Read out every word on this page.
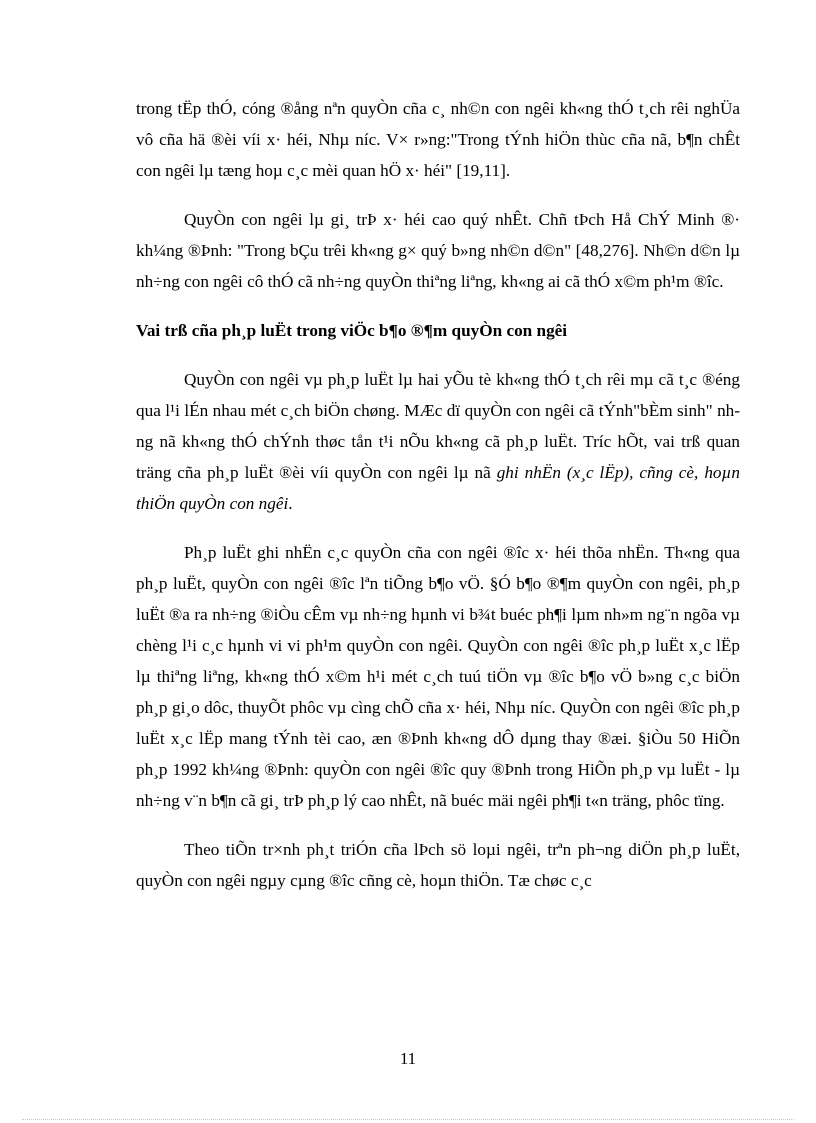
trong tËp thÓ, cóng ®ång nªn quyÒn cña c¸ nh©n con ngêi kh«ng thÓ t¸ch rêi nghÜa vô cña hä ®èi víi x· héi, Nhµ níc. V× r»ng:"Trong tÝnh hiÖn thùc cña nã, b¶n chÊt con ngêi lµ tæng hoµ c¸c mèi quan hÖ x· héi" [19,11].

QuyÒn con ngêi lµ gi¸ trÞ x· héi cao quý nhÊt. Chñ tÞch Hå ChÝ Minh ®· kh¼ng ®Þnh: "Trong bÇu trêi kh«ng g× quý b»ng nh©n d©n" [48,276]. Nh©n d©n lµ nh÷ng con ngêi cô thÓ cã nh÷ng quyÒn thiªng liªng, kh«ng ai cã thÓ x©m ph¹m ®îc.

Vai trß cña ph¸p luËt trong viÖc b¶o ®¶m quyÒn con ngêi

QuyÒn con ngêi vµ ph¸p luËt lµ hai yÕu tè kh«ng thÓ t¸ch rêi mµ cã t¸c ®éng qua l¹i lÉn nhau mét c¸ch biÖn chøng. MÆc dï quyÒn con ngêi cã tÝnh"bÈm sinh" nhng nã kh«ng thÓ chÝnh thøc tån t¹i nÕu kh«ng cã ph¸p luËt. Tríc hÕt, vai trß quan träng cña ph¸p luËt ®èi víi quyÒn con ngêi lµ nã ghi nhËn (x¸c lËp), cñng cè, hoµn thiÖn quyÒn con ngêi.

Ph¸p luËt ghi nhËn c¸c quyÒn cña con ngêi ®îc x· héi thõa nhËn. Th«ng qua ph¸p luËt, quyÒn con ngêi ®îc lªn tiÕng b¶o vÖ. §Ó b¶o ®¶m quyÒn con ngêi, ph¸p luËt ®a ra nh÷ng ®iÒu cÊm vµ nh÷ng hµnh vi b¾t buéc ph¶i lµm nh»m ng¨n ngõa vµ chèng l¹i c¸c hµnh vi vi ph¹m quyÒn con ngêi. QuyÒn con ngêi ®îc ph¸p luËt x¸c lËp lµ thiªng liªng, kh«ng thÓ x©m h¹i mét c¸ch tuú tiÖn vµ ®îc b¶o vÖ b»ng c¸c biÖn ph¸p gi¸o dôc, thuyÕt phôc vµ cìng chÕ cña x· héi, Nhµ níc. QuyÒn con ngêi ®îc ph¸p luËt x¸c lËp mang tÝnh tèi cao, æn ®Þnh kh«ng dÔ dµng thay ®æi. §iÒu 50 HiÕn ph¸p 1992 kh¼ng ®Þnh: quyÒn con ngêi ®îc quy ®Þnh trong HiÕn ph¸p vµ luËt - lµ nh÷ng v¨n b¶n cã gi¸ trÞ ph¸p lý cao nhÊt, nã buéc mäi ngêi ph¶i t«n träng, phôc tïng.

Theo tiÕn tr×nh ph¸t triÓn cña lÞch sö loµi ngêi, trªn ph¬ng diÖn ph¸p luËt, quyÒn con ngêi ngµy cµng ®îc cñng cè, hoµn thiÖn. Tæ chøc c¸c

11
